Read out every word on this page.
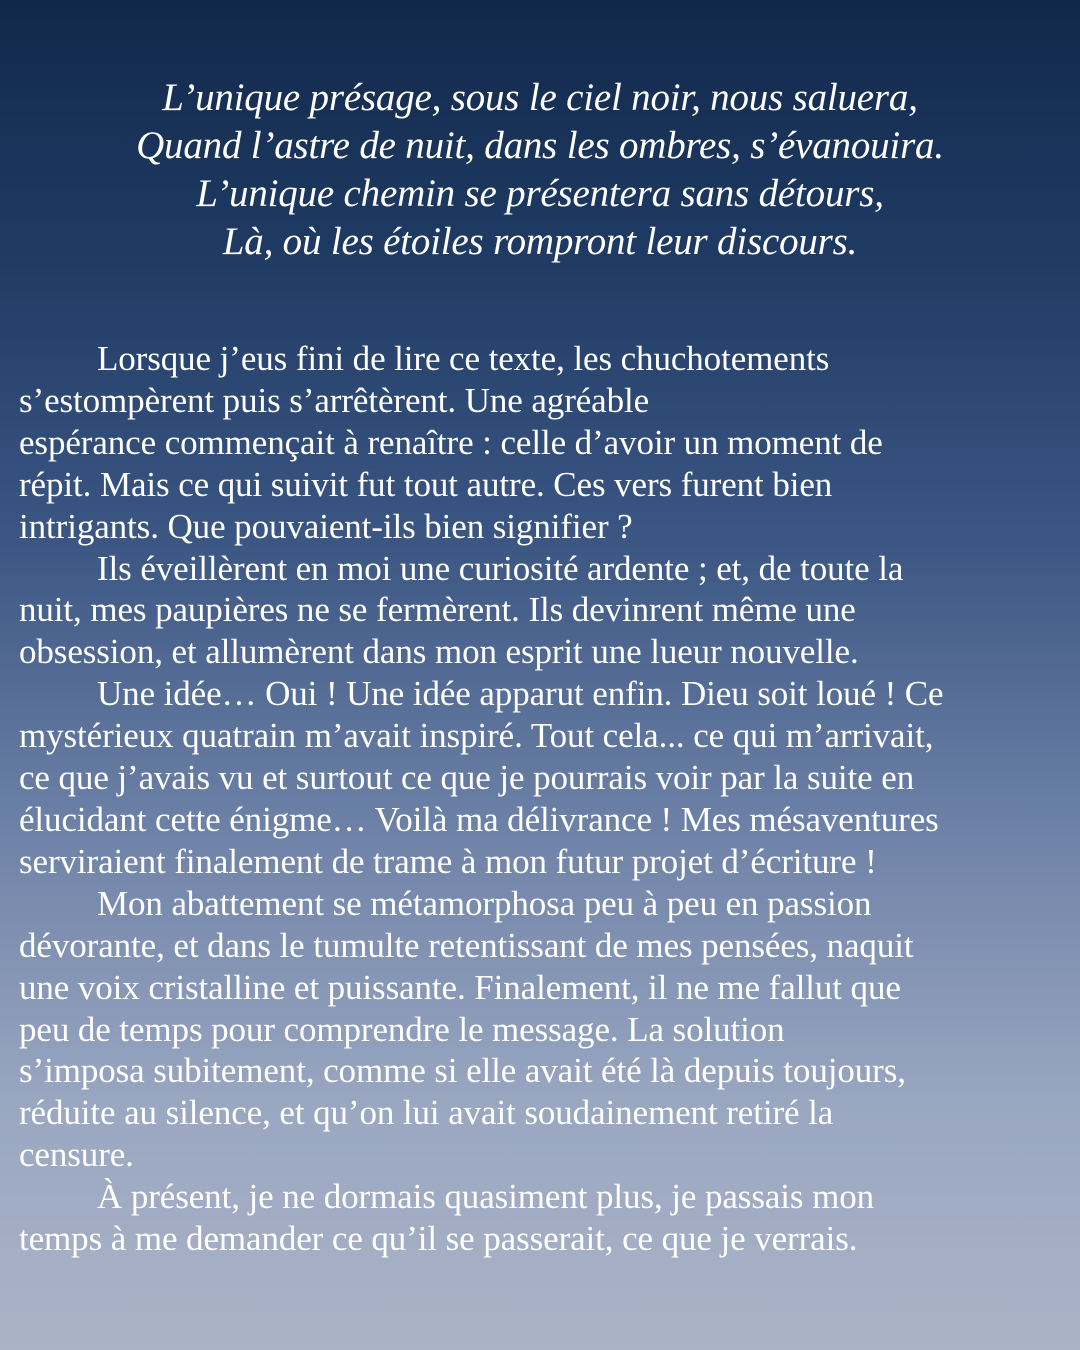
L’unique présage, sous le ciel noir, nous saluera,
Quand l’astre de nuit, dans les ombres, s’évanouira.
L’unique chemin se présentera sans détours,
Là, où les étoiles rompront leur discours.

Lorsque j’eus fini de lire ce texte, les chuchotements
s’estompèrent puis s’arrêtèrent. Une agréable
espérance commençait à renaître : celle d’avoir un moment de
répit. Mais ce qui suivit fut tout autre. Ces vers furent bien
intrigants. Que pouvaient-ils bien signifier ?

Ils éveillèrent en moi une curiosité ardente ; et, de toute la
nuit, mes paupières ne se fermèrent. Ils devinrent même une
obsession, et allumèrent dans mon esprit une lueur nouvelle.

Une idée… Oui ! Une idée apparut enfin. Dieu soit loué ! Ce
mystérieux quatrain m’avait inspiré. Tout cela... ce qui m’arrivait,
ce que j’avais vu et surtout ce que je pourrais voir par la suite en
élucidant cette énigme… Voilà ma délivrance ! Mes mésaventures
serviraient finalement de trame à mon futur projet d’écriture !

Mon abattement se métamorphosa peu à peu en passion
dévorante, et dans le tumulte retentissant de mes pensées, naquit
une voix cristalline et puissante. Finalement, il ne me fallut que
peu de temps pour comprendre le message. La solution
s’imposa subitement, comme si elle avait été là depuis toujours,
réduite au silence, et qu’on lui avait soudainement retiré la
censure.

À présent, je ne dormais quasiment plus, je passais mon
temps à me demander ce qu’il se passerait, ce que je verrais.
